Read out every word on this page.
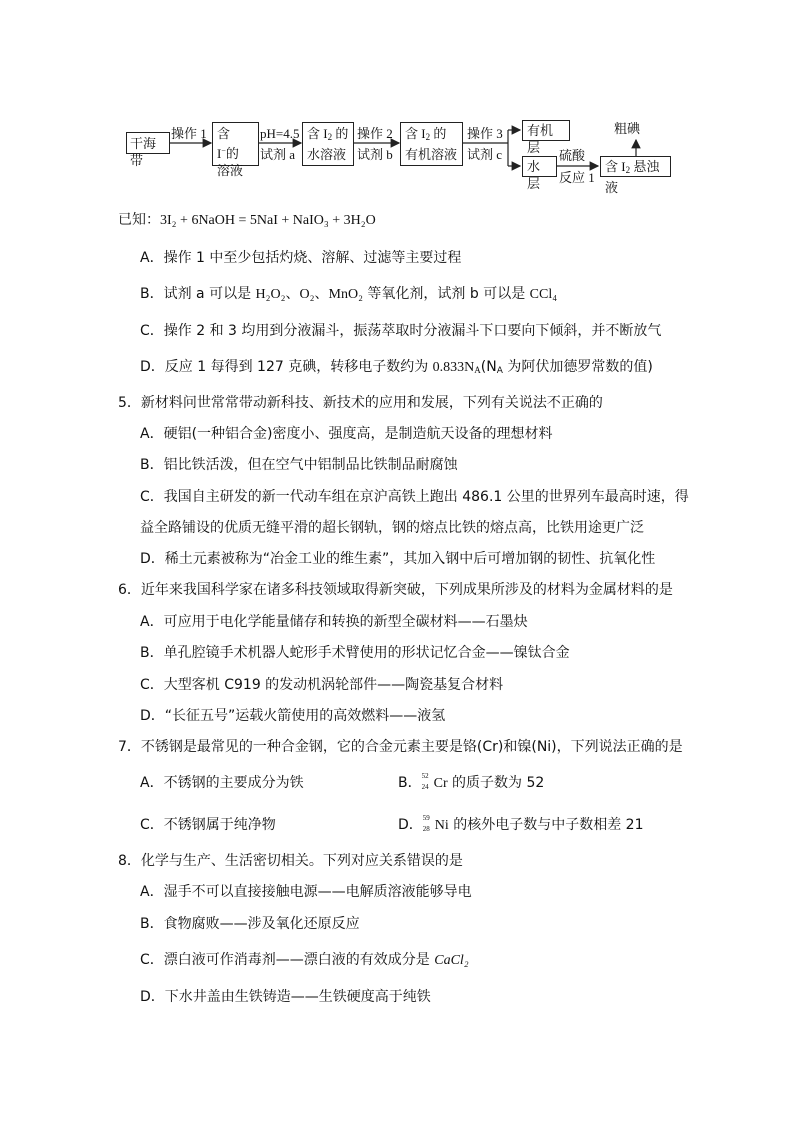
干海带
操作 1 含 I−的
溶液
pH=4.5
试剂 a
含 $I_2$ 的
水溶液
操作 2
试剂 b
含 $I_2$ 的
有机溶液
操作 3
试剂 c
有机层
水层
硫酸
反应 1
粗碘
含 $I_2$ 悬浊液
已知：3I₂ + 6NaOH = 5NaI + NaIO₃ + 3H₂O
A．操作 1 中至少包括灼烧、溶解、过滤等主要过程
B．试剂 a 可以是 H₂O₂、O₂、MnO₂ 等氧化剂，试剂 b 可以是 CCl₄
C．操作 2 和 3 均用到分液漏斗，振荡萃取时分液漏斗下口要向下倾斜，并不断放气
D．反应 1 每得到 127 克碘，转移电子数约为 $0.833N_A(N_A$ 为阿伏加德罗常数的值)
5．新材料问世常常带动新科技、新技术的应用和发展，下列有关说法不正确的
A．硬铝(一种铝合金)密度小、强度高，是制造航天设备的理想材料
B．铝比铁活泼，但在空气中铝制品比铁制品耐腐蚀
C．我国自主研发的新一代动车组在京沪高铁上跑出 486.1 公里的世界列车最高时速，得
益全路铺设的优质无缝平滑的超长钢轨，钢的熔点比铁的熔点高，比铁用途更广泛
D．稀土元素被称为“冶金工业的维生素”，其加入钢中后可增加钢的韧性、抗氧化性
6．近年来我国科学家在诸多科技领域取得新突破，下列成果所涉及的材料为金属材料的是
A．可应用于电化学能量储存和转换的新型全碳材料——石墨炔
B．单孔腔镜手术机器人蛇形手术臂使用的形状记忆合金——镍钛合金
C．大型客机 C919 的发动机涡轮部件——陶瓷基复合材料
D．“长征五号”运载火箭使用的高效燃料——液氢
7．不锈钢是最常见的一种合金钢，它的合金元素主要是铬(Cr)和镍(Ni)，下列说法正确的是
A．不锈钢的主要成分为铁	B． 52
24 Cr 的质子数为 52
C．不锈钢属于纯净物	D． 59
28 Ni 的核外电子数与中子数相差 21
8．化学与生产、生活密切相关。下列对应关系错误的是
A．湿手不可以直接接触电源——电解质溶液能够导电
B．食物腐败——涉及氧化还原反应
C．漂白液可作消毒剂——漂白液的有效成分是 CaCl₂
D．下水井盖由生铁铸造——生铁硬度高于纯铁
